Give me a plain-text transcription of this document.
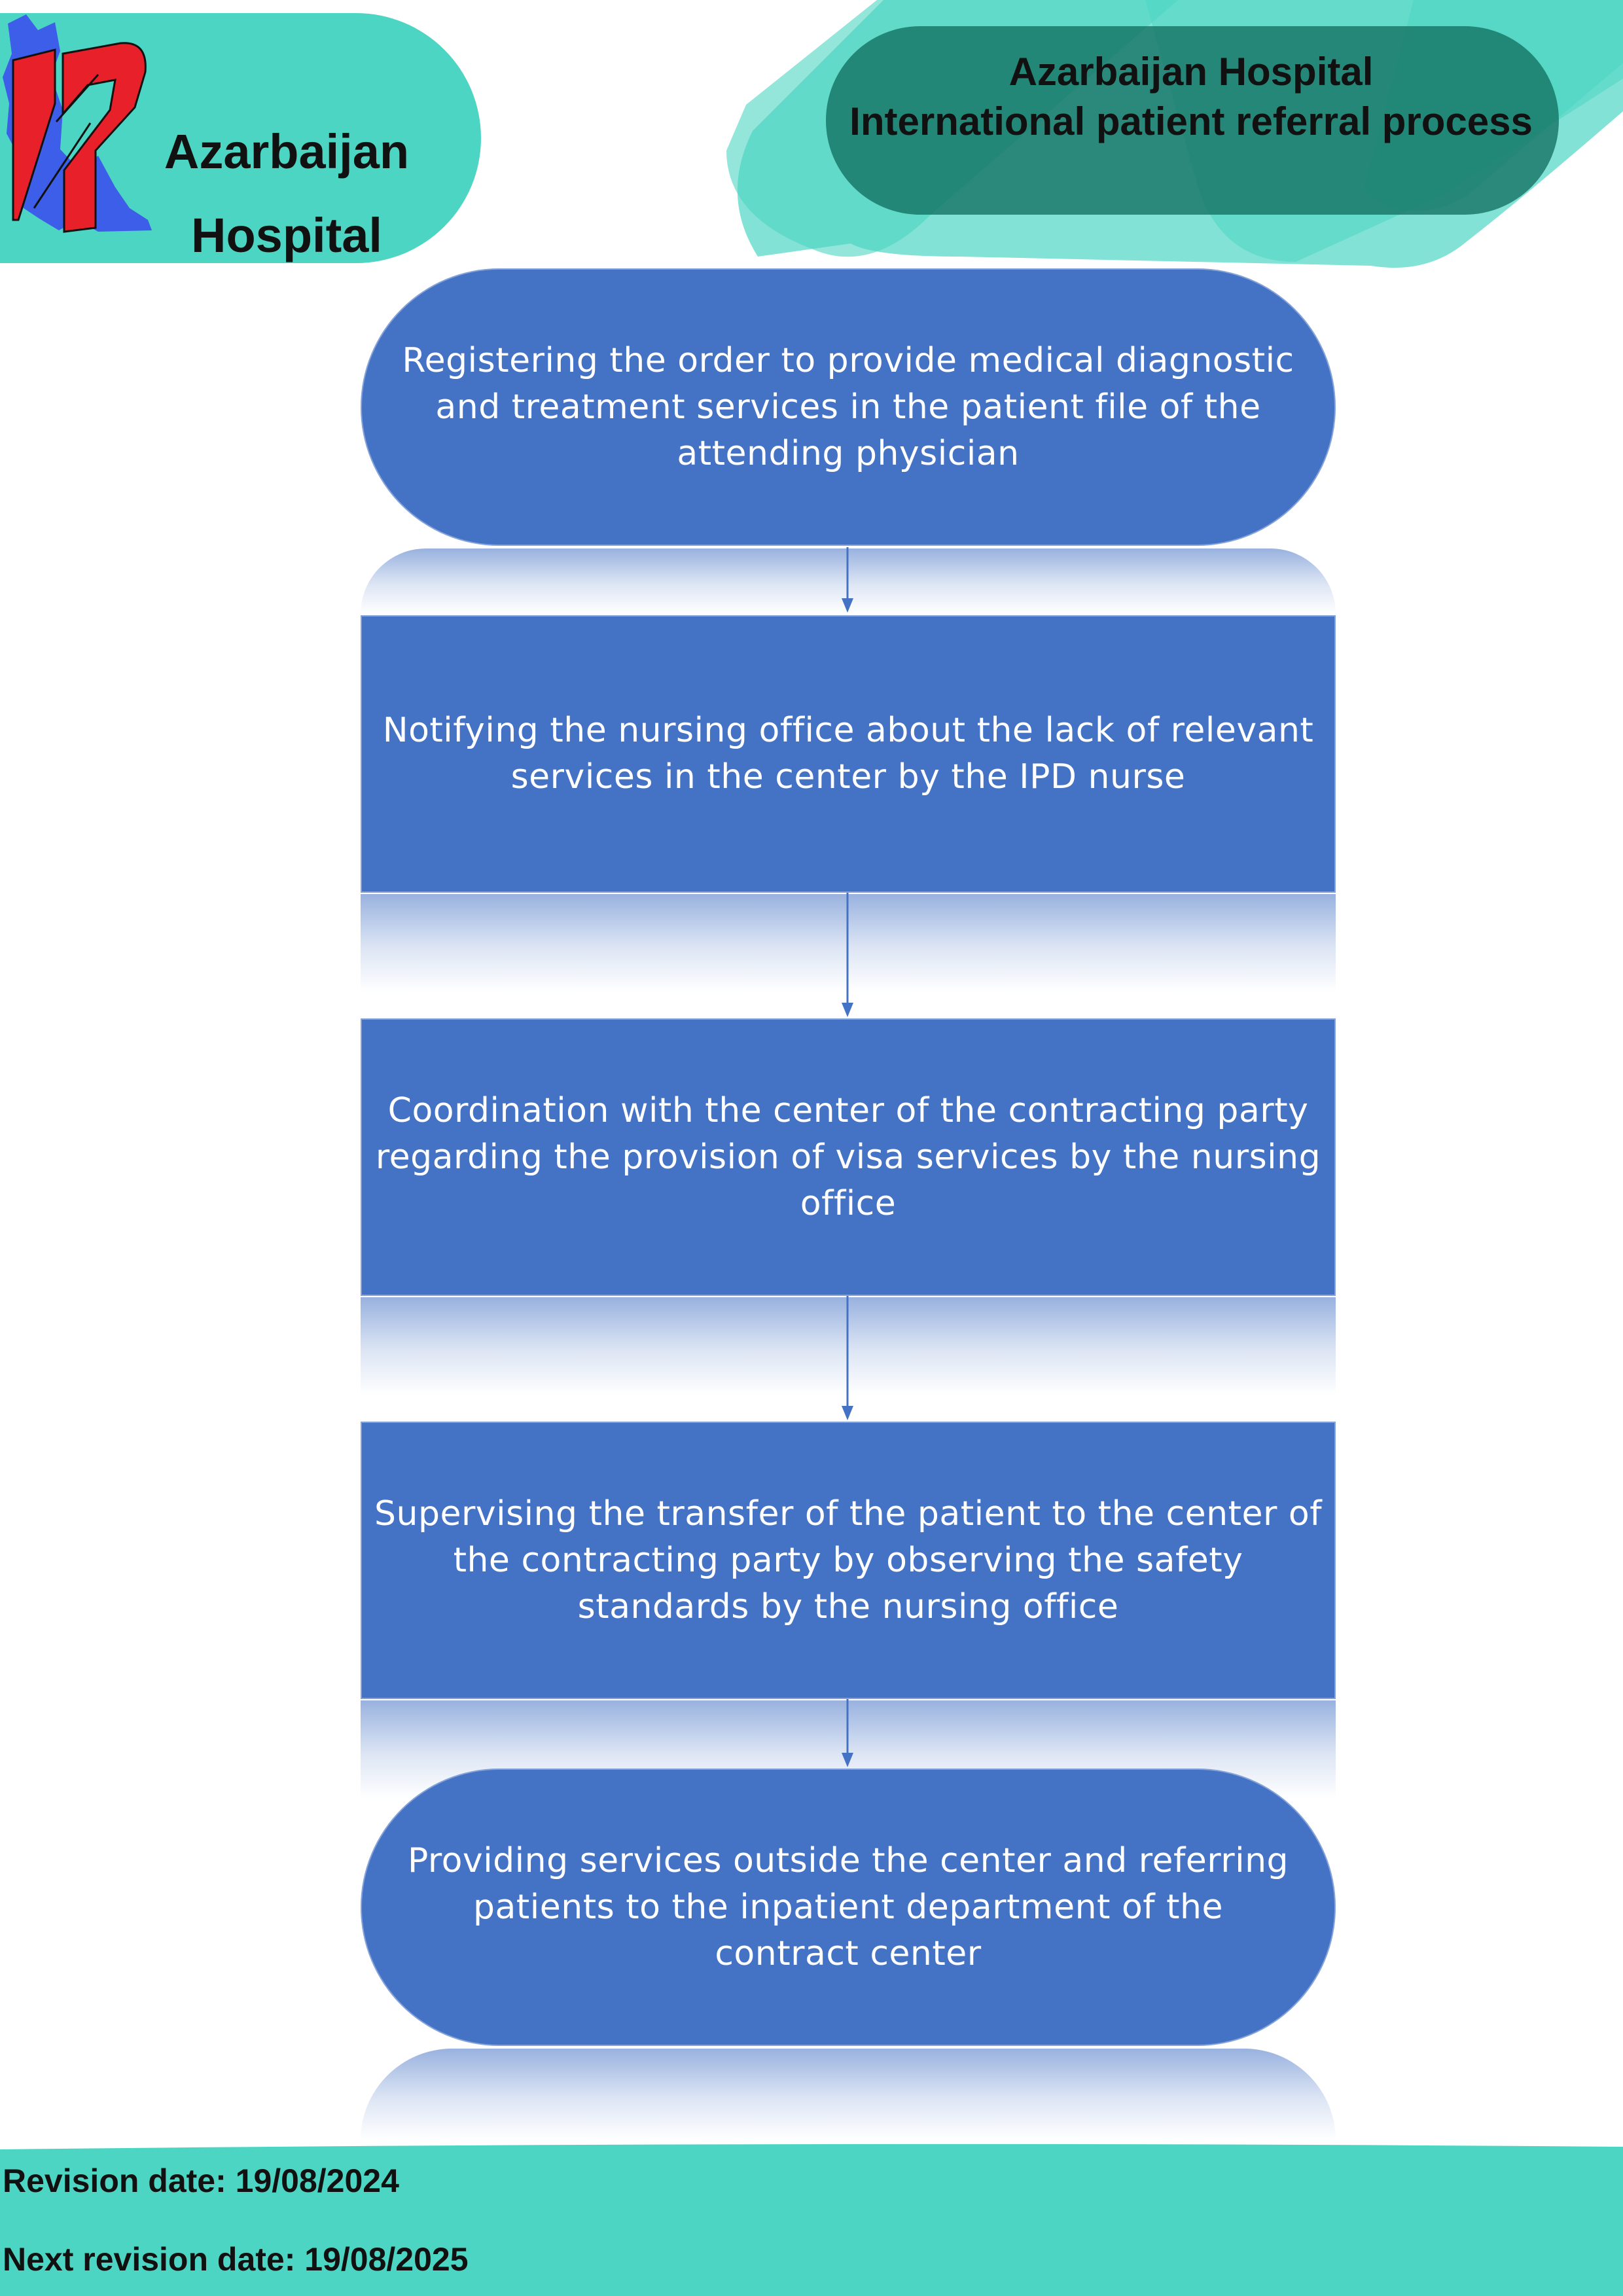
Azarbaijan
Hospital
Azarbaijan Hospital
International patient referral process
Registering the order to provide medical diagnostic and treatment services in the patient file of the attending physician
Notifying the nursing office about the lack of relevant services in the center by the IPD nurse
Coordination with the center of the contracting party regarding the provision of visa services by the nursing office
Supervising the transfer of the patient to the center of the contracting party by observing the safety standards by the nursing office
Providing services outside the center and referring patients to the inpatient department of the contract center
Revision date: 19/08/2024
Next revision date: 19/08/2025
